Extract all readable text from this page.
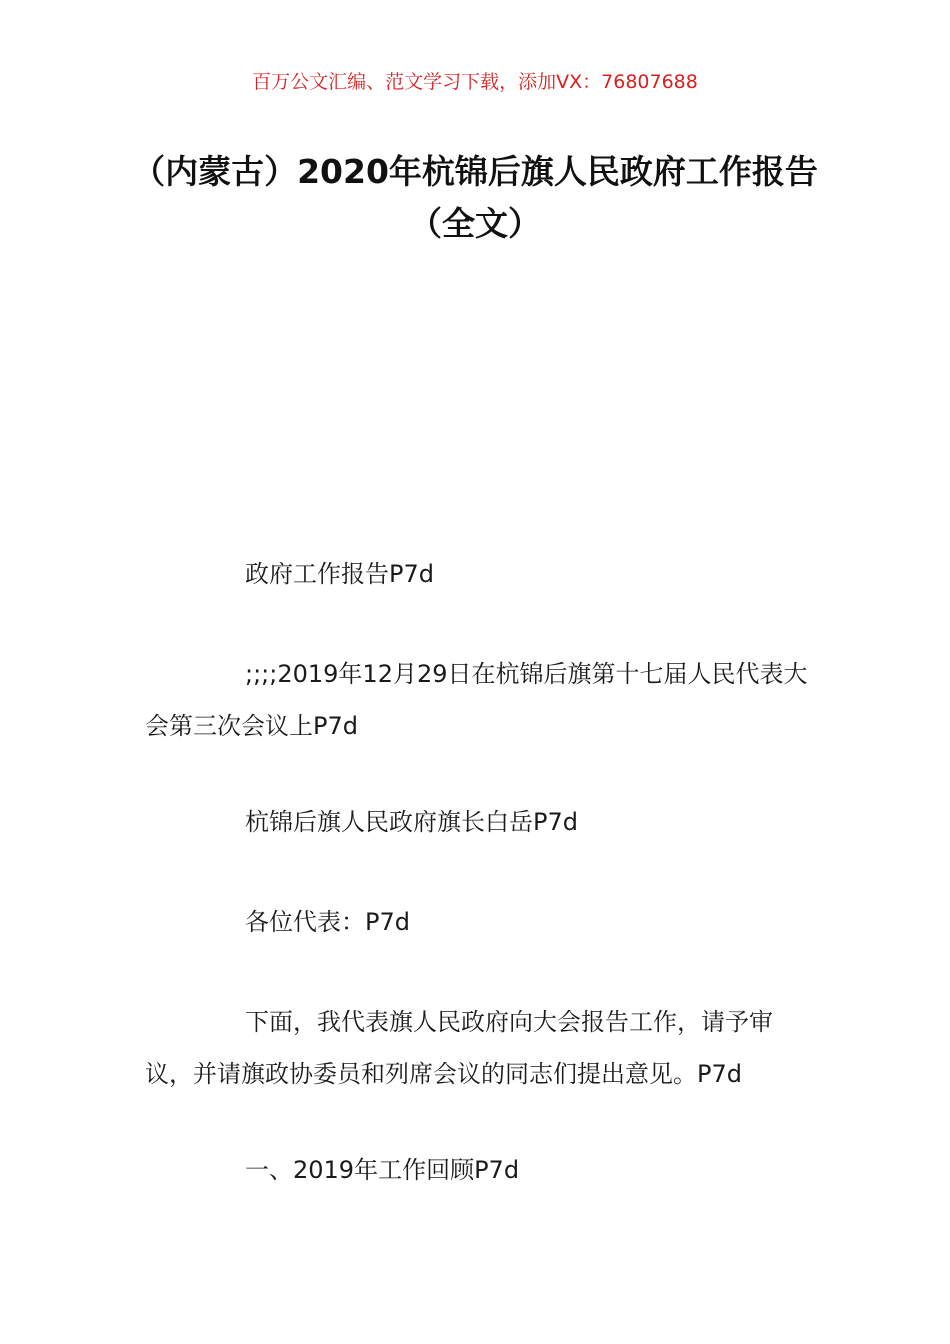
百万公文汇编、范文学习下载，添加VX：76807688
（内蒙古）2020年杭锦后旗人民政府工作报告（全文）

政府工作报告P7d

;;;;2019年12月29日在杭锦后旗第十七届人民代表大会第三次会议上P7d

杭锦后旗人民政府旗长白岳P7d

各位代表：P7d

下面，我代表旗人民政府向大会报告工作，请予审议，并请旗政协委员和列席会议的同志们提出意见。P7d

一、2019年工作回顾P7d
